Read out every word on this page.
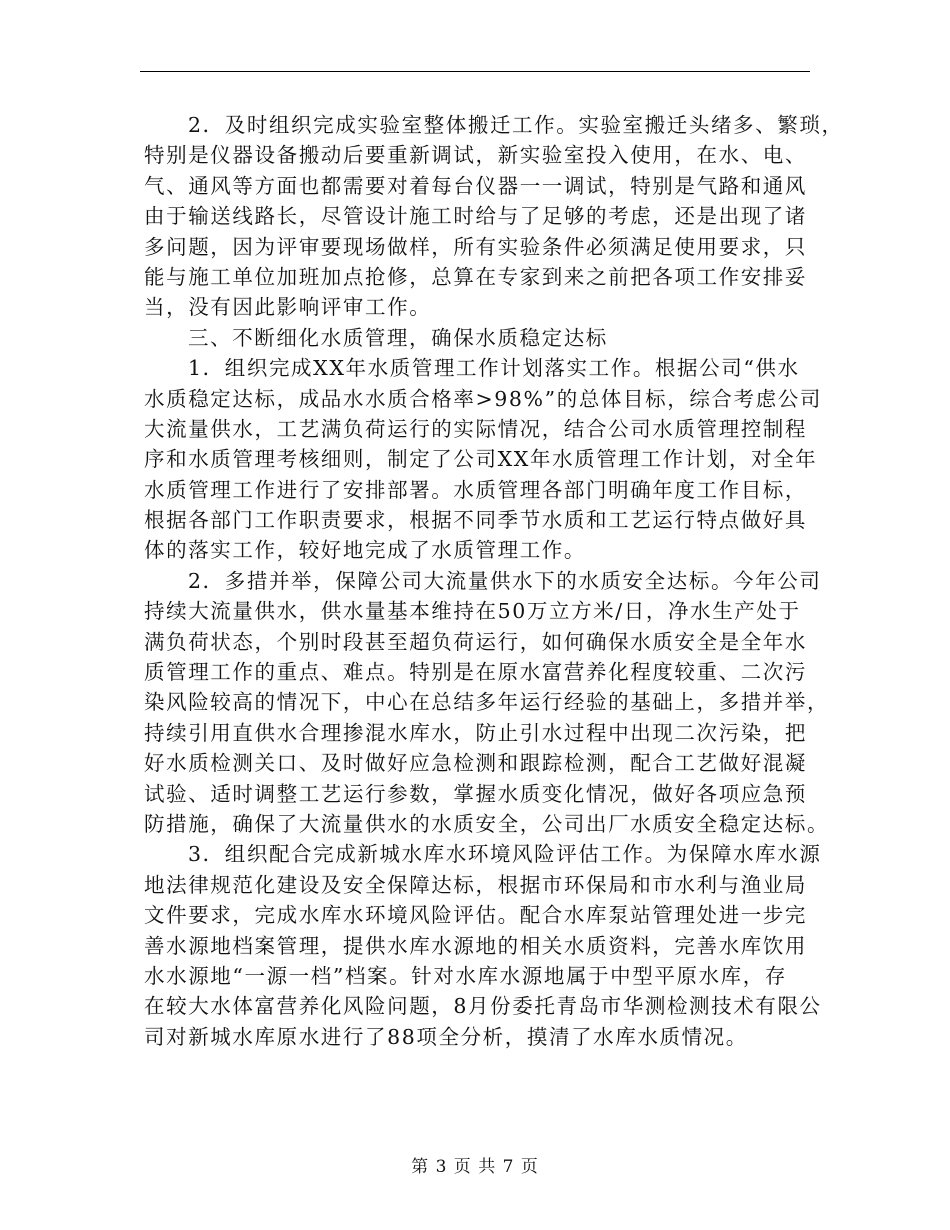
2．及时组织完成实验室整体搬迁工作。实验室搬迁头绪多、繁琐，
特别是仪器设备搬动后要重新调试，新实验室投入使用，在水、电、
气、通风等方面也都需要对着每台仪器一一调试，特别是气路和通风
由于输送线路长，尽管设计施工时给与了足够的考虑，还是出现了诸
多问题，因为评审要现场做样，所有实验条件必须满足使用要求，只
能与施工单位加班加点抢修，总算在专家到来之前把各项工作安排妥
当，没有因此影响评审工作。
三、不断细化水质管理，确保水质稳定达标
1．组织完成XX年水质管理工作计划落实工作。根据公司“供水
水质稳定达标，成品水水质合格率>98%”的总体目标，综合考虑公司
大流量供水，工艺满负荷运行的实际情况，结合公司水质管理控制程
序和水质管理考核细则，制定了公司XX年水质管理工作计划，对全年
水质管理工作进行了安排部署。水质管理各部门明确年度工作目标，
根据各部门工作职责要求，根据不同季节水质和工艺运行特点做好具
体的落实工作，较好地完成了水质管理工作。
2．多措并举，保障公司大流量供水下的水质安全达标。今年公司
持续大流量供水，供水量基本维持在50万立方米/日，净水生产处于
满负荷状态，个别时段甚至超负荷运行，如何确保水质安全是全年水
质管理工作的重点、难点。特别是在原水富营养化程度较重、二次污
染风险较高的情况下，中心在总结多年运行经验的基础上，多措并举，
持续引用直供水合理掺混水库水，防止引水过程中出现二次污染，把
好水质检测关口、及时做好应急检测和跟踪检测，配合工艺做好混凝
试验、适时调整工艺运行参数，掌握水质变化情况，做好各项应急预
防措施，确保了大流量供水的水质安全，公司出厂水质安全稳定达标。
3．组织配合完成新城水库水环境风险评估工作。为保障水库水源
地法律规范化建设及安全保障达标，根据市环保局和市水利与渔业局
文件要求，完成水库水环境风险评估。配合水库泵站管理处进一步完
善水源地档案管理，提供水库水源地的相关水质资料，完善水库饮用
水水源地“一源一档”档案。针对水库水源地属于中型平原水库，存
在较大水体富营养化风险问题，8月份委托青岛市华测检测技术有限公
司对新城水库原水进行了88项全分析，摸清了水库水质情况。
第 3 页 共 7 页
